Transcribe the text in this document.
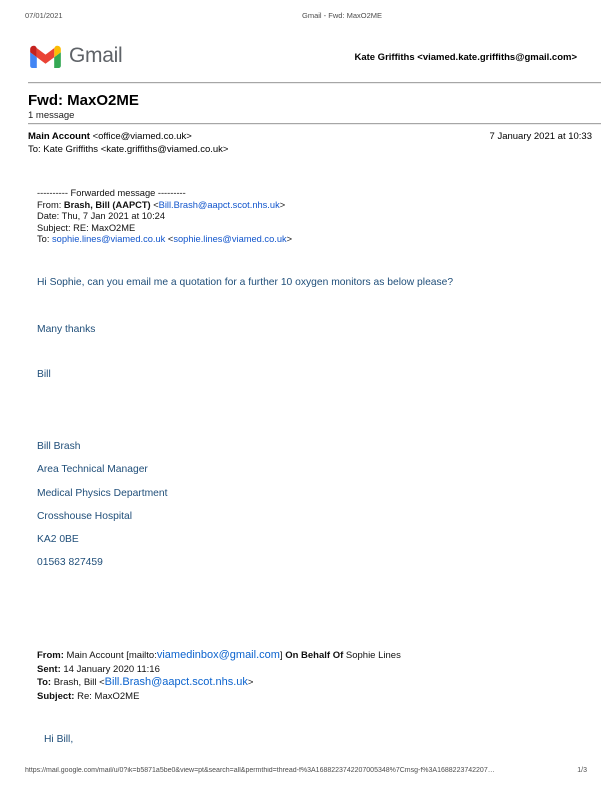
07/01/2021	Gmail - Fwd: MaxO2ME
Gmail	Kate Griffiths <viamed.kate.griffiths@gmail.com>
Fwd: MaxO2ME
1 message
Main Account <office@viamed.co.uk>	7 January 2021 at 10:33
To: Kate Griffiths <kate.griffiths@viamed.co.uk>
---------- Forwarded message ---------
From: Brash, Bill (AAPCT) <Bill.Brash@aapct.scot.nhs.uk>
Date: Thu, 7 Jan 2021 at 10:24
Subject: RE: MaxO2ME
To: sophie.lines@viamed.co.uk <sophie.lines@viamed.co.uk>
Hi Sophie, can you email me a quotation for a further 10 oxygen monitors as below please?
Many thanks
Bill
Bill Brash
Area Technical Manager
Medical Physics Department
Crosshouse Hospital
KA2 0BE
01563 827459
From: Main Account [mailto:viamedinbox@gmail.com] On Behalf Of Sophie Lines
Sent: 14 January 2020 11:16
To: Brash, Bill <Bill.Brash@aapct.scot.nhs.uk>
Subject: Re: MaxO2ME
Hi Bill,
https://mail.google.com/mail/u/0?ik=b5871a5be0&view=pt&search=all&permthid=thread-f%3A1688223742207005348%7Cmsg-f%3A1688223742207…	1/3
